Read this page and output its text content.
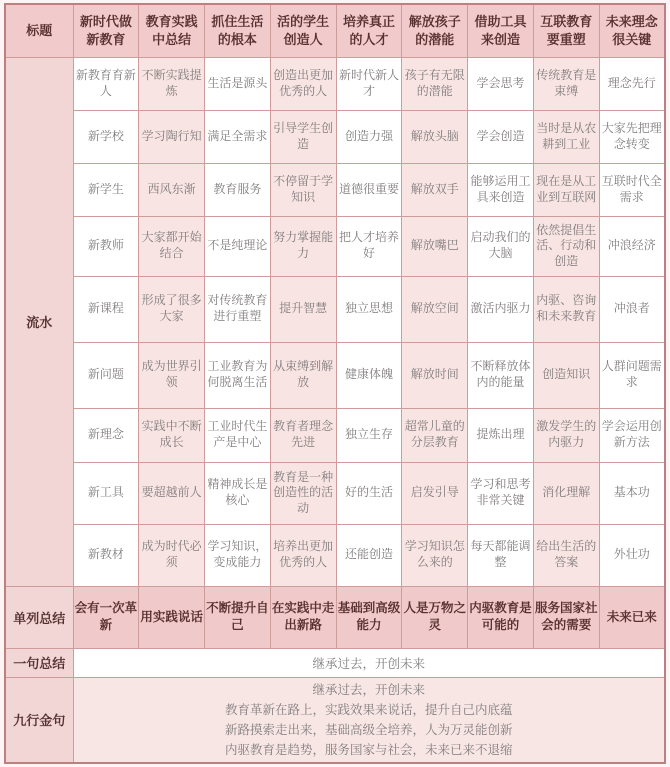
标题	新时代做新教育	教育实践中总结	抓住生活的根本	活的学生创造人	培养真正的人才	解放孩子的潜能	借助工具来创造	互联教育要重塑	未来理念很关键
流水	新教育育新人	不断实践提炼	生活是源头	创造出更加优秀的人	新时代新人才	孩子有无限的潜能	学会思考	传统教育是束缚	理念先行
	新学校	学习陶行知	满足全需求	引导学生创造	创造力强	解放头脑	学会创造	当时是从农耕到工业	大家先把理念转变
	新学生	西风东渐	教育服务	不停留于学知识	道德很重要	解放双手	能够运用工具来创造	现在是从工业到互联网	互联时代全需求
	新教师	大家都开始结合	不是纯理论	努力掌握能力	把人才培养好	解放嘴巴	启动我们的大脑	依然提倡生活、行动和创造	冲浪经济
	新课程	形成了很多大家	对传统教育进行重塑	提升智慧	独立思想	解放空间	激活内驱力	内驱、咨询和未来教育	冲浪者
	新问题	成为世界引领	工业教育为何脱离生活	从束缚到解放	健康体魄	解放时间	不断释放体内的能量	创造知识	人群问题需求
	新理念	实践中不断成长	工业时代生产是中心	教育者理念先进	独立生存	超常儿童的分层教育	提炼出理	激发学生的内驱力	学会运用创新方法
	新工具	要超越前人	精神成长是核心	教育是一种创造性的活动	好的生活	启发引导	学习和思考非常关键	消化理解	基本功
	新教材	成为时代必须	学习知识，变成能力	培养出更加优秀的人	还能创造	学习知识怎么来的	每天都能调整	给出生活的答案	外壮功
单列总结	会有一次革新	用实践说话	不断提升自己	在实践中走出新路	基础到高级能力	人是万物之灵	内驱教育是可能的	服务国家社会的需要	未来已来
一句总结	继承过去，开创未来								
九行金句	继承过去，开创未来
教育革新在路上，实践效果来说话，提升自己内底蕴
新路摸索走出来，基础高级全培养，人为万灵能创新
内驱教育是趋势，服务国家与社会，未来已来不退缩								
